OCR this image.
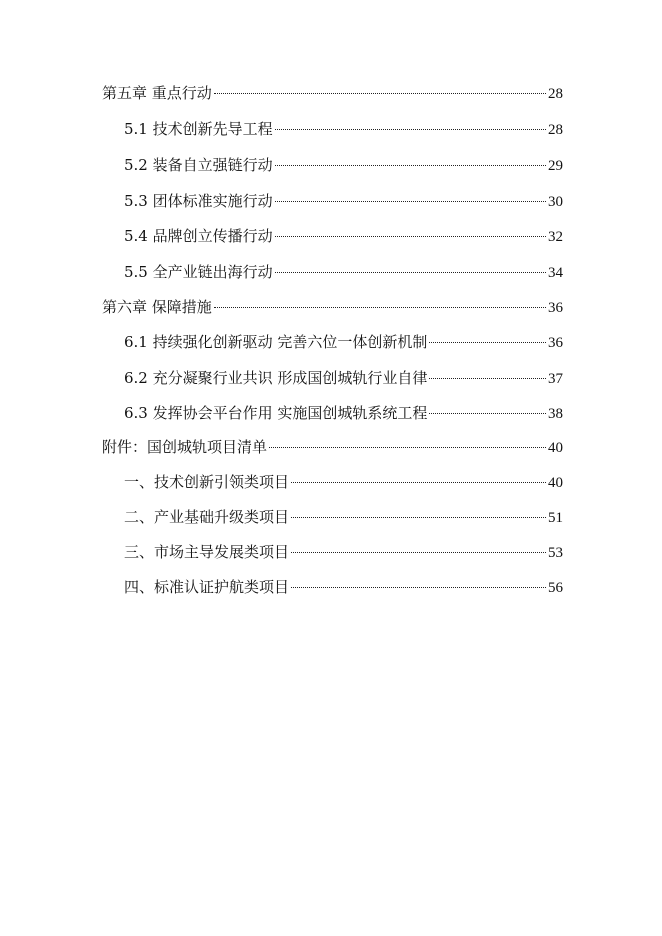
第五章 重点行动	28
5.1 技术创新先导工程	28
5.2 装备自立强链行动	29
5.3 团体标准实施行动	30
5.4 品牌创立传播行动	32
5.5 全产业链出海行动	34
第六章 保障措施	36
6.1 持续强化创新驱动 完善六位一体创新机制	36
6.2 充分凝聚行业共识 形成国创城轨行业自律	37
6.3 发挥协会平台作用 实施国创城轨系统工程	38
附件：国创城轨项目清单	40
一、技术创新引领类项目	40
二、产业基础升级类项目	51
三、市场主导发展类项目	53
四、标准认证护航类项目	56
